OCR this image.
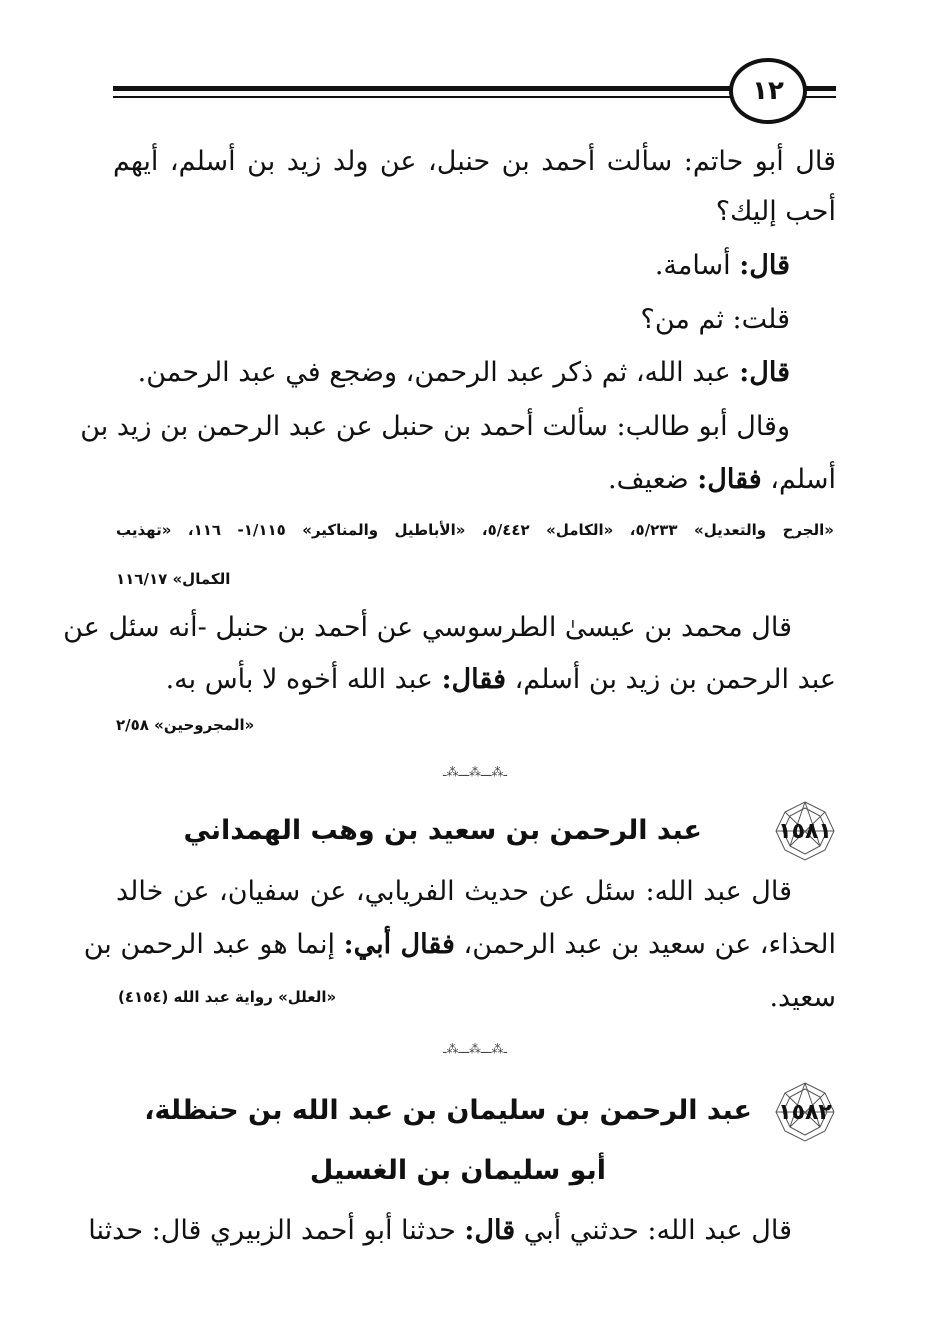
١٢
قال أبو حاتم: سألت أحمد بن حنبل، عن ولد زيد بن أسلم، أيهم
أحب إليك؟
قال: أسامة.
قلت: ثم من؟
قال: عبد الله، ثم ذكر عبد الرحمن، وضجع في عبد الرحمن.
وقال أبو طالب: سألت أحمد بن حنبل عن عبد الرحمن بن زيد بن
أسلم، فقال: ضعيف.
«الجرح والتعديل» ٥/٢٣٣، «الكامل» ٥/٤٤٢، «الأباطيل والمناكير» ١/١١٥- ١١٦، «تهذيب
الكمال» ١١٦/١٧
قال محمد بن عيسىٰ الطرسوسي عن أحمد بن حنبل -أنه سئل عن
عبد الرحمن بن زيد بن أسلم، فقال: عبد الله أخوه لا بأس به.
«المجروحين» ٢/٥٨
ـ⁂ـــ⁂ـــ⁂ـ
١٥٨١
عبد الرحمن بن سعيد بن وهب الهمداني
قال عبد الله: سئل عن حديث الفريابي، عن سفيان، عن خالد
الحذاء، عن سعيد بن عبد الرحمن، فقال أبي: إنما هو عبد الرحمن بن
سعيد.
«العلل» رواية عبد الله (٤١٥٤)
ـ⁂ـــ⁂ـــ⁂ـ
١٥٨٢
عبد الرحمن بن سليمان بن عبد الله بن حنظلة،
أبو سليمان بن الغسيل
قال عبد الله: حدثني أبي قال: حدثنا أبو أحمد الزبيري قال: حدثنا
